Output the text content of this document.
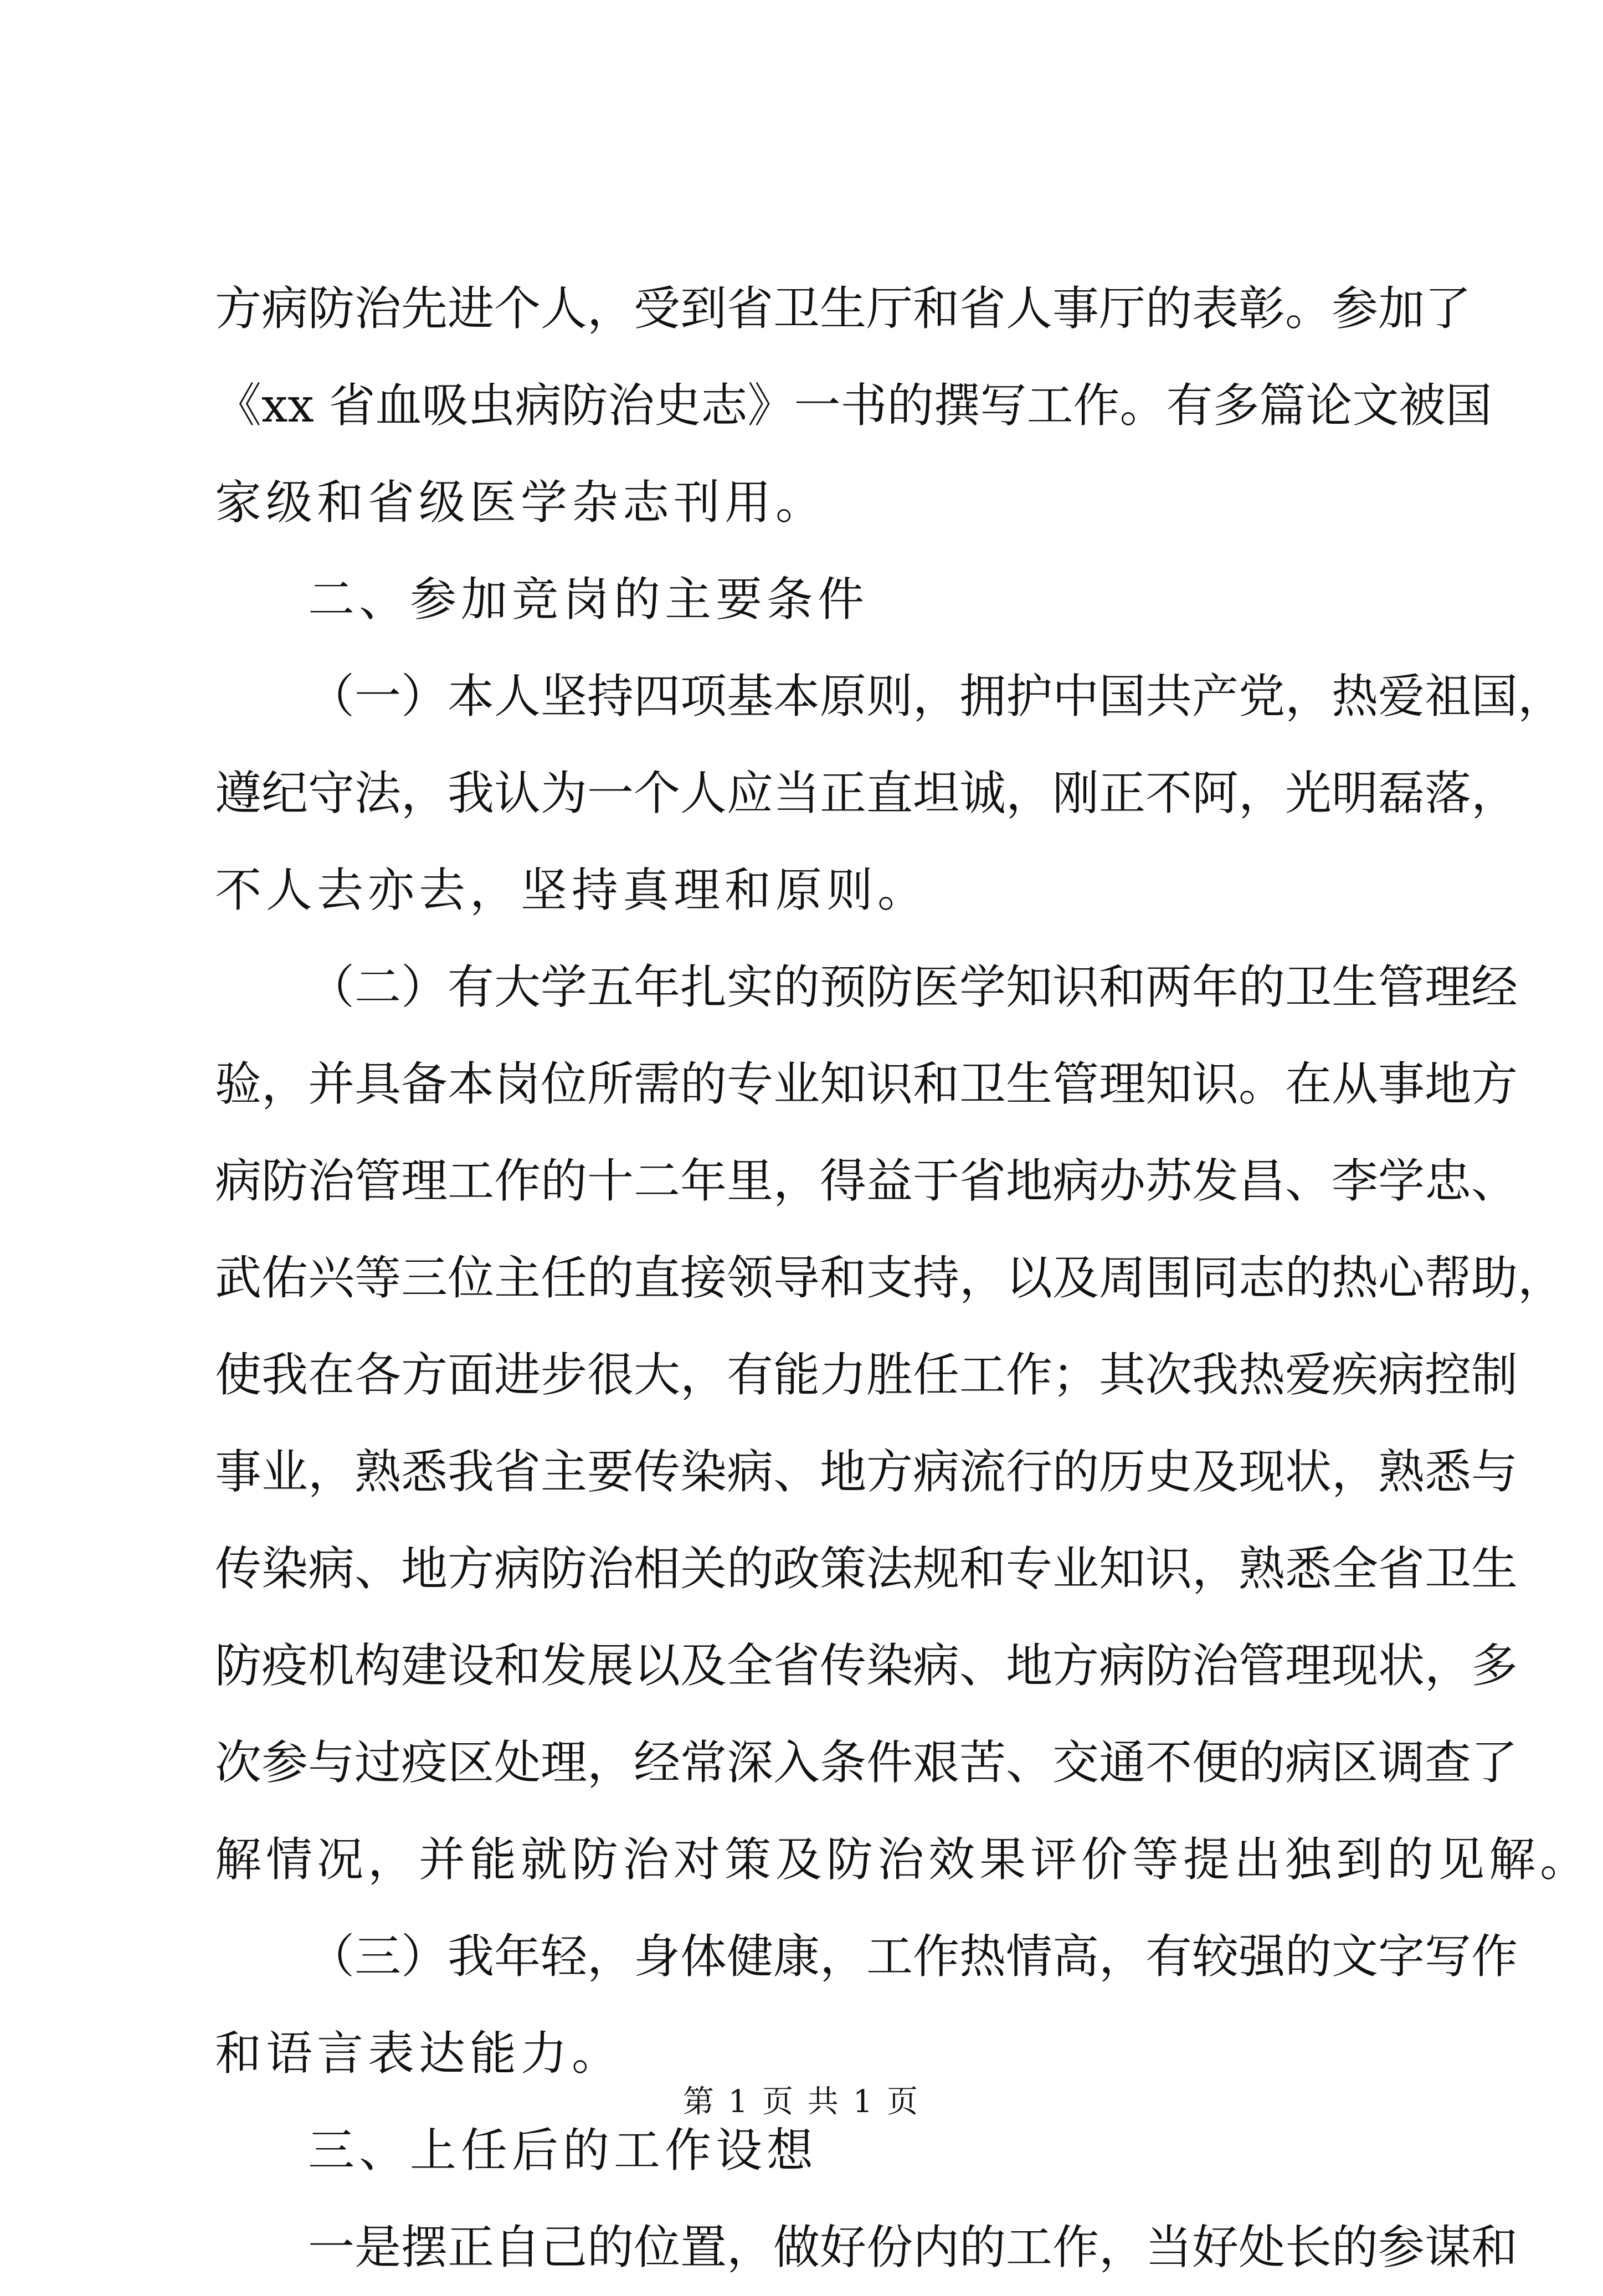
方病防治先进个人，受到省卫生厅和省人事厅的表彰。参加了
《xx 省血吸虫病防治史志》一书的撰写工作。有多篇论文被国
家级和省级医学杂志刊用。
二、参加竞岗的主要条件
（一）本人坚持四项基本原则，拥护中国共产党，热爱祖国，
遵纪守法，我认为一个人应当正直坦诚，刚正不阿，光明磊落，
不人去亦去，坚持真理和原则。
（二）有大学五年扎实的预防医学知识和两年的卫生管理经
验，并具备本岗位所需的专业知识和卫生管理知识。在从事地方
病防治管理工作的十二年里，得益于省地病办苏发昌、李学忠、
武佑兴等三位主任的直接领导和支持，以及周围同志的热心帮助，
使我在各方面进步很大，有能力胜任工作；其次我热爱疾病控制
事业，熟悉我省主要传染病、地方病流行的历史及现状，熟悉与
传染病、地方病防治相关的政策法规和专业知识，熟悉全省卫生
防疫机构建设和发展以及全省传染病、地方病防治管理现状，多
次参与过疫区处理，经常深入条件艰苦、交通不便的病区调查了
解情况，并能就防治对策及防治效果评价等提出独到的见解。
（三）我年轻，身体健康，工作热情高，有较强的文字写作
和语言表达能力。
三、上任后的工作设想
一是摆正自己的位置，做好份内的工作，当好处长的参谋和
第 1 页 共 1 页
